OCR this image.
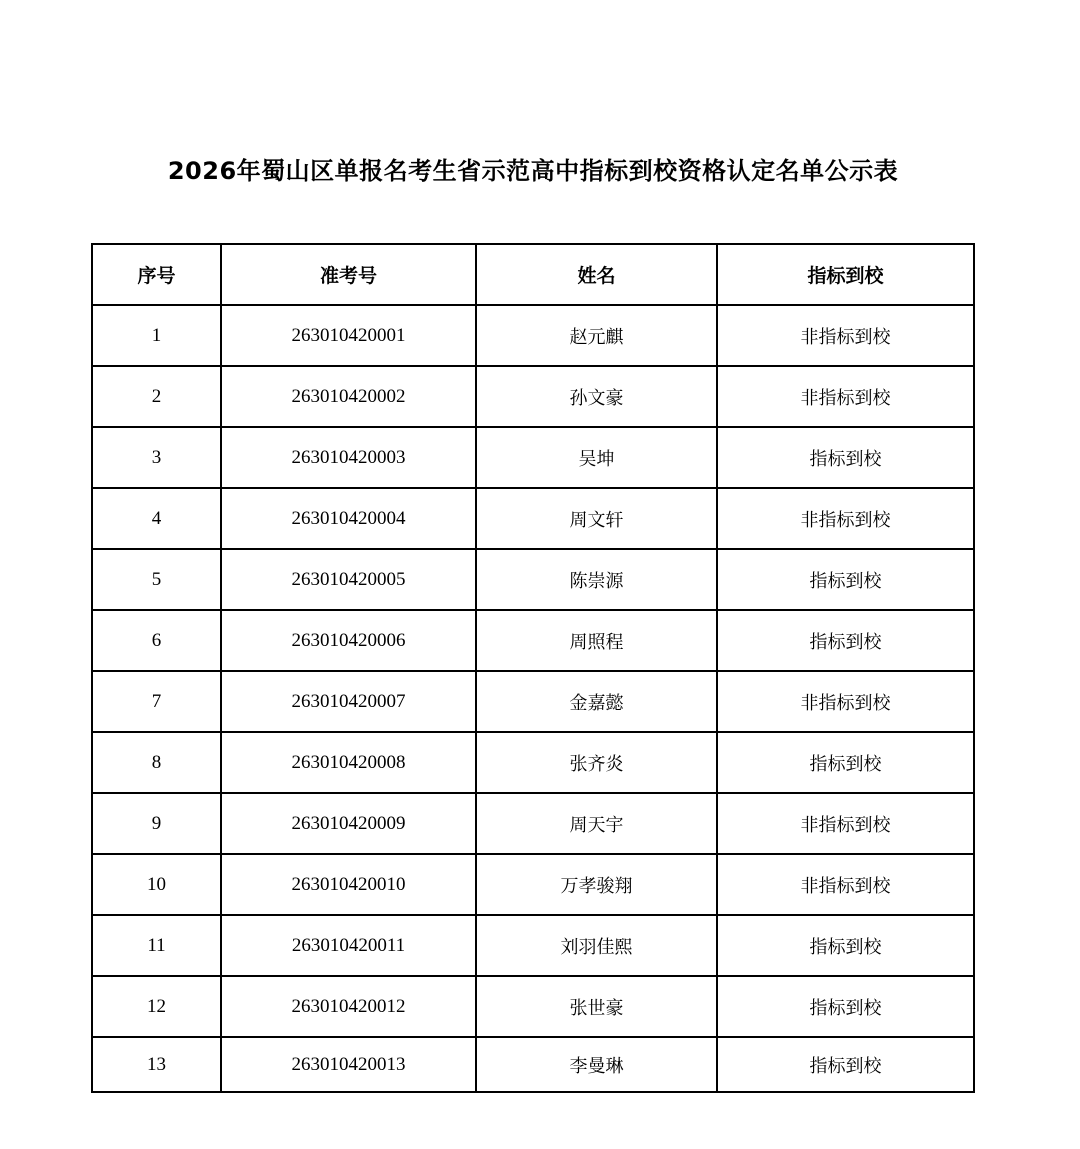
2026年蜀山区单报名考生省示范高中指标到校资格认定名单公示表
序号	准考号	姓名	指标到校
1	263010420001	赵元麒	非指标到校
2	263010420002	孙文豪	非指标到校
3	263010420003	吴坤	指标到校
4	263010420004	周文轩	非指标到校
5	263010420005	陈崇源	指标到校
6	263010420006	周照程	指标到校
7	263010420007	金嘉懿	非指标到校
8	263010420008	张齐炎	指标到校
9	263010420009	周天宇	非指标到校
10	263010420010	万孝骏翔	非指标到校
11	263010420011	刘羽佳熙	指标到校
12	263010420012	张世豪	指标到校
13	263010420013	李曼琳	指标到校
